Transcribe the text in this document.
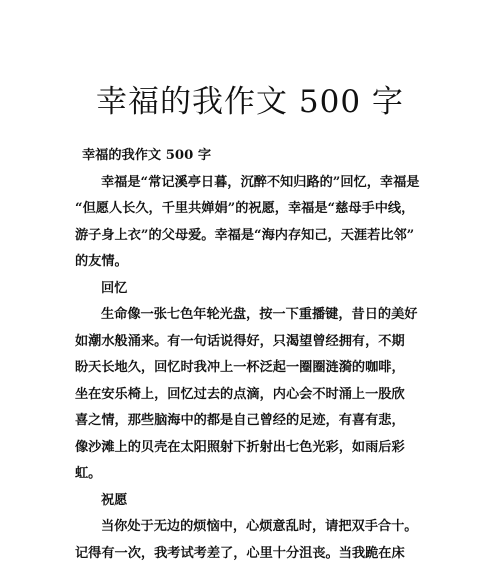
幸福的我作文 500 字
幸福的我作文 500 字
幸福是“常记溪亭日暮，沉醉不知归路的”回忆，幸福是
“但愿人长久，千里共婵娟”的祝愿，幸福是“慈母手中线，
游子身上衣”的父母爱。幸福是“海内存知己，天涯若比邻”
的友情。
回忆
生命像一张七色年轮光盘，按一下重播键，昔日的美好
如潮水般涌来。有一句话说得好，只渴望曾经拥有，不期
盼天长地久，回忆时我冲上一杯泛起一圈圈涟漪的咖啡，
坐在安乐椅上，回忆过去的点滴，内心会不时涌上一股欣
喜之情，那些脑海中的都是自己曾经的足迹，有喜有悲，
像沙滩上的贝壳在太阳照射下折射出七色光彩，如雨后彩
虹。
祝愿
当你处于无边的烦恼中，心烦意乱时，请把双手合十。
记得有一次，我考试考差了，心里十分沮丧。当我跪在床
